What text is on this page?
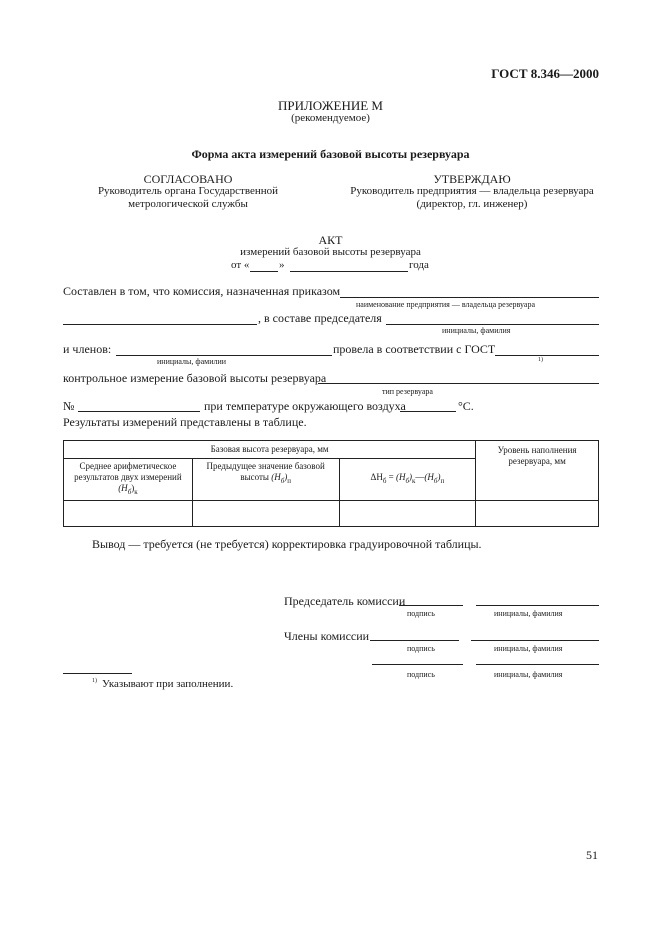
ГОСТ 8.346—2000
ПРИЛОЖЕНИЕ М
(рекомендуемое)
Форма акта измерений базовой высоты резервуара
СОГЛАСОВАНО
Руководитель органа Государственной
метрологической службы
УТВЕРЖДАЮ
Руководитель предприятия — владельца резервуара
(директор, гл. инженер)
АКТ
измерений базовой высоты резервуара
от «	»	года
Составлен в том, что комиссия, назначенная приказом
наименование предприятия — владельца резервуара
, в составе председателя
инициалы, фамилия
и членов:	провела в соответствии с ГОСТ
инициалы, фамилии	1)
контрольное измерение базовой высоты резервуара
тип резервуара
№	при температуре окружающего воздуха	°С.
Результаты измерений представлены в таблице.
Базовая высота резервуара, мм			Уровень наполнения резервуара, мм
Среднее арифметическое результатов двух измерений $(H_б)_к$	Предыдущее значение базовой высоты $(H_б)_п$	$\Delta H_б$ = $(H_б)_к—(H_б)_п$

Вывод — требуется (не требуется) корректировка градуировочной таблицы.
Председатель комиссии
подпись	инициалы, фамилия
Члены комиссии
подпись	инициалы, фамилия
подпись	инициалы, фамилия
1) Указывают при заполнении.
51
